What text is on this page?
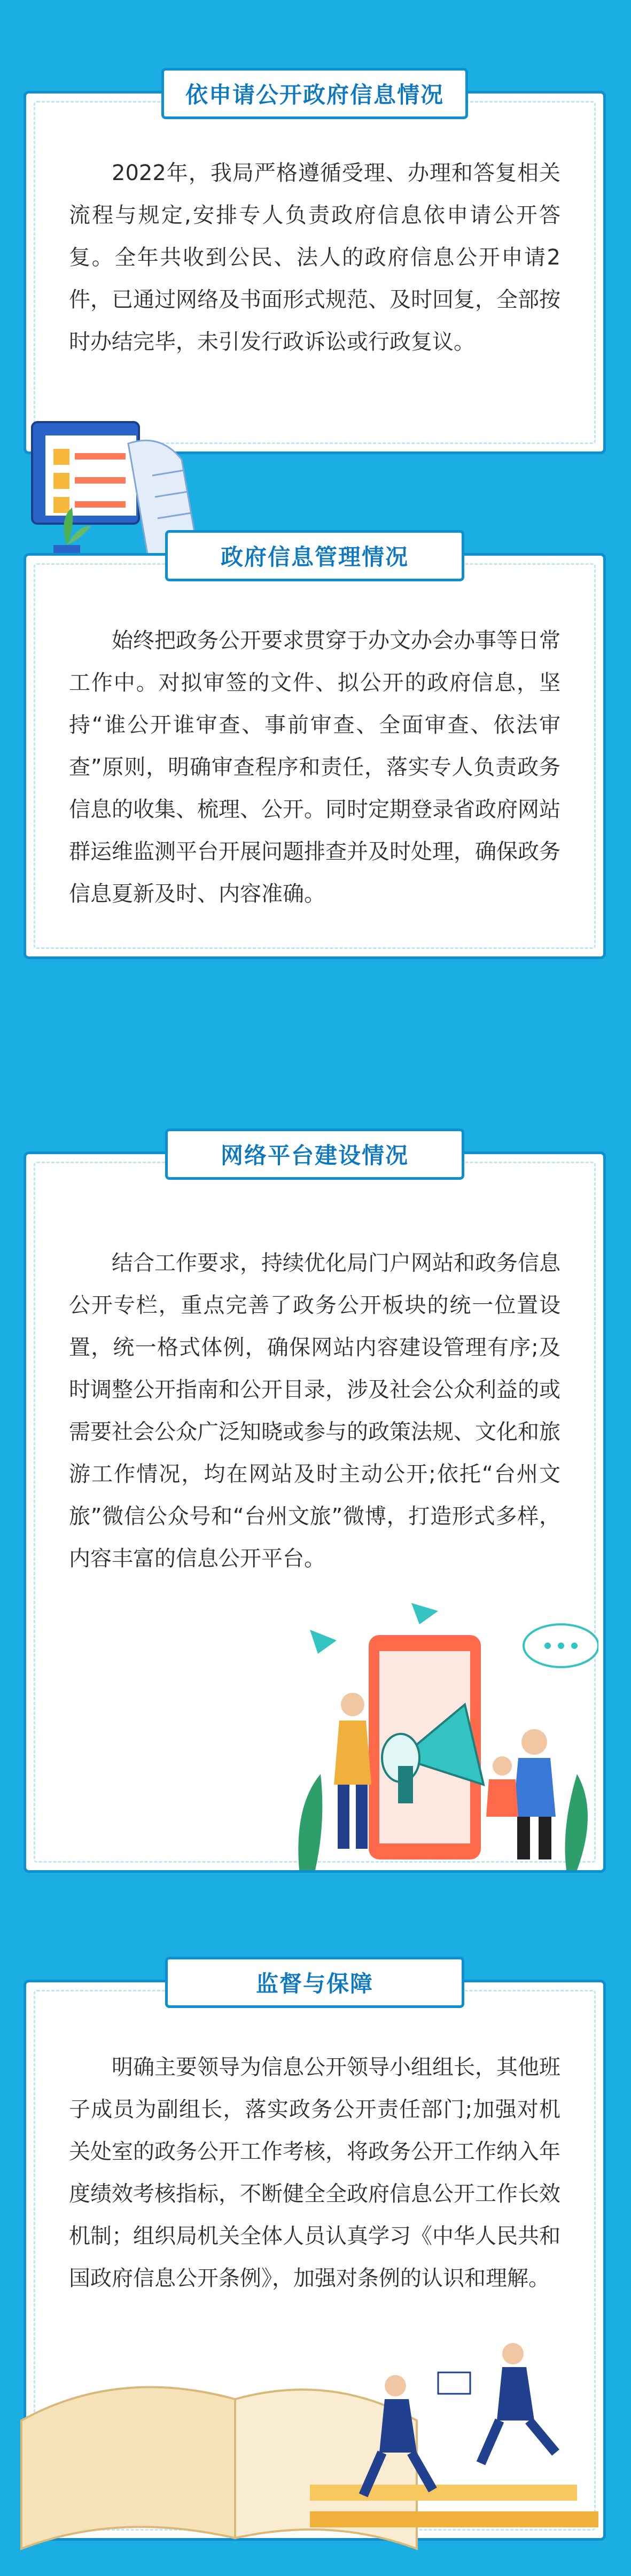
依申请公开政府信息情况
2022年，我局严格遵循受理、办理和答复相关流程与规定,安排专人负责政府信息依申请公开答复。全年共收到公民、法人的政府信息公开申请2件，已通过网络及书面形式规范、及时回复，全部按时办结完毕，未引发行政诉讼或行政复议。
政府信息管理情况
始终把政务公开要求贯穿于办文办会办事等日常工作中。对拟审签的文件、拟公开的政府信息，坚持“谁公开谁审查、事前审查、全面审查、依法审查”原则，明确审查程序和责任，落实专人负责政务信息的收集、梳理、公开。同时定期登录省政府网站群运维监测平台开展问题排查并及时处理，确保政务信息夏新及时、内容准确。
网络平台建设情况
结合工作要求，持续优化局门户网站和政务信息公开专栏，重点完善了政务公开板块的统一位置设置，统一格式体例，确保网站内容建设管理有序;及时调整公开指南和公开目录，涉及社会公众利益的或需要社会公众广泛知晓或参与的政策法规、文化和旅游工作情况，均在网站及时主动公开;依托“台州文旅”微信公众号和“台州文旅”微博，打造形式多样，内容丰富的信息公开平台。
监督与保障
明确主要领导为信息公开领导小组组长，其他班子成员为副组长，落实政务公开责任部门;加强对机关处室的政务公开工作考核，将政务公开工作纳入年度绩效考核指标，不断健全全政府信息公开工作长效机制；组织局机关全体人员认真学习《中华人民共和国政府信息公开条例》，加强对条例的认识和理解。
